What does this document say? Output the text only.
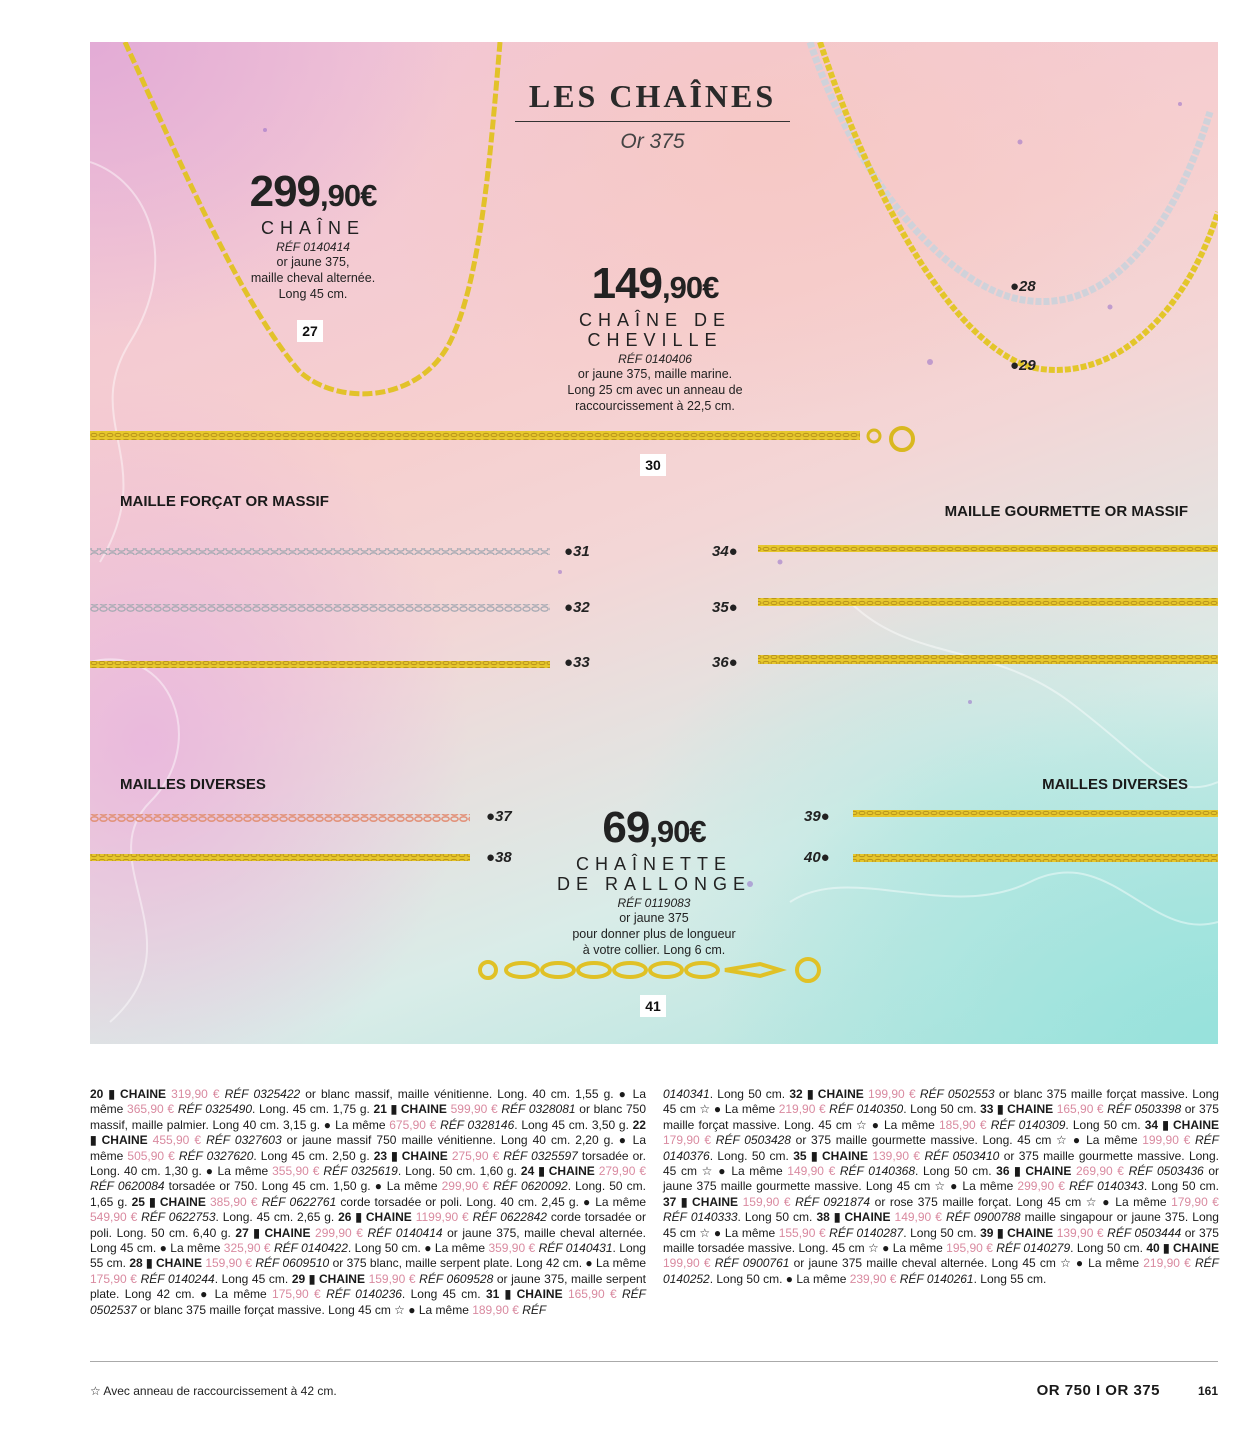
LES CHAÎNES
Or 375
299,90€
CHAÎNE
RÉF 0140414
or jaune 375,
maille cheval alternée.
Long 45 cm.
27
149,90€
CHAÎNE DE
CHEVILLE
RÉF 0140406
or jaune 375, maille marine.
Long 25 cm avec un anneau de
raccourcissement à 22,5 cm.
30
69,90€
CHAÎNETTE
DE RALLONGE
RÉF 0119083
or jaune 375
pour donner plus de longueur
à votre collier. Long 6 cm.
41
MAILLE FORÇAT OR MASSIF
MAILLE GOURMETTE OR MASSIF
MAILLES DIVERSES	MAILLES DIVERSES
●28
●29
●31
●32
●33
34●
35●
36●
●37
●38
39●
40●
20 ▮ CHAINE 319,90 € RÉF 0325422 or blanc massif, maille vénitienne. Long. 40 cm. 1,55 g. ● La même 365,90 € RÉF 0325490. Long. 45 cm. 1,75 g. 21 ▮ CHAINE 599,90 € RÉF 0328081 or blanc 750 massif, maille palmier. Long 40 cm. 3,15 g. ● La même 675,90 € RÉF 0328146. Long 45 cm. 3,50 g. 22 ▮ CHAINE 455,90 € RÉF 0327603 or jaune massif 750 maille vénitienne. Long 40 cm. 2,20 g. ● La même 505,90 € RÉF 0327620. Long 45 cm. 2,50 g. 23 ▮ CHAINE 275,90 € RÉF 0325597 torsadée or. Long. 40 cm. 1,30 g. ● La même 355,90 € RÉF 0325619. Long. 50 cm. 1,60 g. 24 ▮ CHAINE 279,90 € RÉF 0620084 torsadée or 750. Long 45 cm. 1,50 g. ● La même 299,90 € RÉF 0620092. Long. 50 cm. 1,65 g. 25 ▮ CHAINE 385,90 € RÉF 0622761 corde torsadée or poli. Long. 40 cm. 2,45 g. ● La même 549,90 € RÉF 0622753. Long. 45 cm. 2,65 g. 26 ▮ CHAINE 1199,90 € RÉF 0622842 corde torsadée or poli. Long. 50 cm. 6,40 g. 27 ▮ CHAINE 299,90 € RÉF 0140414 or jaune 375, maille cheval alternée. Long 45 cm. ● La même 325,90 € RÉF 0140422. Long 50 cm. ● La même 359,90 € RÉF 0140431. Long 55 cm. 28 ▮ CHAINE 159,90 € RÉF 0609510 or 375 blanc, maille serpent plate. Long 42 cm. ● La même 175,90 € RÉF 0140244. Long 45 cm. 29 ▮ CHAINE 159,90 € RÉF 0609528 or jaune 375, maille serpent plate. Long 42 cm. ● La même 175,90 € RÉF 0140236. Long 45 cm. 31 ▮ CHAINE 165,90 € RÉF 0502537 or blanc 375 maille forçat massive. Long 45 cm ☆ ● La même 189,90 € RÉF
0140341. Long 50 cm. 32 ▮ CHAINE 199,90 € RÉF 0502553 or blanc 375 maille forçat massive. Long 45 cm ☆ ● La même 219,90 € RÉF 0140350. Long 50 cm. 33 ▮ CHAINE 165,90 € RÉF 0503398 or 375 maille forçat massive. Long. 45 cm ☆ ● La même 185,90 € RÉF 0140309. Long 50 cm. 34 ▮ CHAINE 179,90 € RÉF 0503428 or 375 maille gourmette massive. Long. 45 cm ☆ ● La même 199,90 € RÉF 0140376. Long. 50 cm. 35 ▮ CHAINE 139,90 € RÉF 0503410 or 375 maille gourmette massive. Long. 45 cm ☆ ● La même 149,90 € RÉF 0140368. Long 50 cm. 36 ▮ CHAINE 269,90 € RÉF 0503436 or jaune 375 maille gourmette massive. Long 45 cm ☆ ● La même 299,90 € RÉF 0140343. Long 50 cm. 37 ▮ CHAINE 159,90 € RÉF 0921874 or rose 375 maille forçat. Long 45 cm ☆ ● La même 179,90 € RÉF 0140333. Long 50 cm. 38 ▮ CHAINE 149,90 € RÉF 0900788 maille singapour or jaune 375. Long 45 cm ☆ ● La même 155,90 € RÉF 0140287. Long 50 cm. 39 ▮ CHAINE 139,90 € RÉF 0503444 or 375 maille torsadée massive. Long. 45 cm ☆ ● La même 195,90 € RÉF 0140279. Long 50 cm. 40 ▮ CHAINE 199,90 € RÉF 0900761 or jaune 375 maille cheval alternée. Long 45 cm ☆ ● La même 219,90 € RÉF 0140252. Long 50 cm. ● La même 239,90 € RÉF 0140261. Long 55 cm.
☆ Avec anneau de raccourcissement à 42 cm.	OR 750 I OR 375	161
